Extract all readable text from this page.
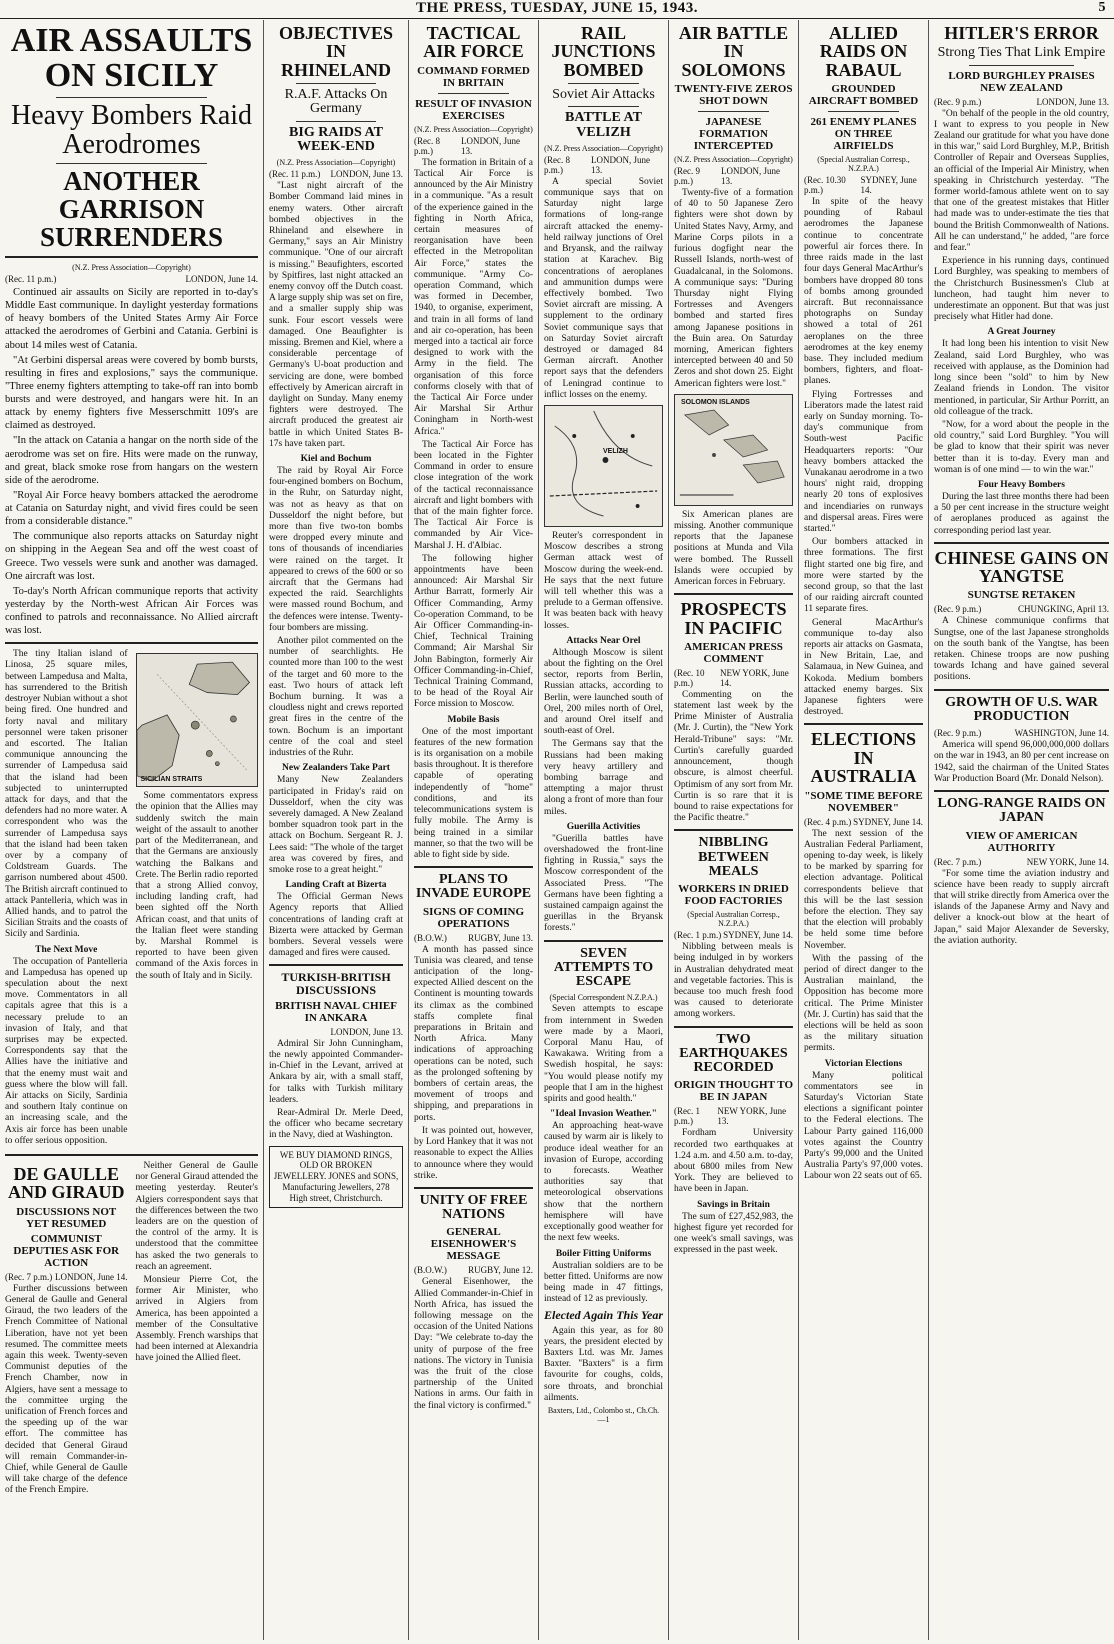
THE PRESS, TUESDAY, JUNE 15, 1943.	5
AIR ASSAULTS ON SICILY
Heavy Bombers Raid Aerodromes
ANOTHER GARRISON SURRENDERS
(N.Z. Press Association—Copyright)
(Rec. 11 p.m.)	LONDON, June 14.

Continued air assaults on Sicily are reported in to-day's Middle East communique. In daylight yesterday formations of heavy bombers of the United States Army Air Force attacked the aerodromes of Gerbini and Catania. Gerbini is about 14 miles west of Catania.

"At Gerbini dispersal areas were covered by bomb bursts, resulting in fires and explosions," says the communique. "Three enemy fighters attempting to take-off ran into bomb bursts and were destroyed, and hangars were hit. In an attack by enemy fighters five Messerschmitt 109's are claimed as destroyed.

"In the attack on Catania a hangar on the north side of the aerodrome was set on fire. Hits were made on the runway, and great, black smoke rose from hangars on the western side of the aerodrome.

"Royal Air Force heavy bombers attacked the aerodrome at Catania on Saturday night, and vivid fires could be seen from a considerable distance."

The communique also reports attacks on Saturday night on shipping in the Aegean Sea and off the west coast of Greece. Two vessels were sunk and another was damaged. One aircraft was lost.

To-day's North African communique reports that activity yesterday by the North-west African Air Forces was confined to patrols and reconnaissance. No Allied aircraft was lost.

The tiny Italian island of Linosa, 25 square miles, between Lampedusa and Malta, has surrendered to the British destroyer Nubian without a shot being fired. One hundred and forty naval and military personnel were taken prisoner and escorted. The Italian communique announcing the surrender of Lampedusa said that the island had been subjected to uninterrupted attack for days, and that the defenders had no more water. A correspondent who was the surrender of Lampedusa says that the island had been taken over by a company of Coldstream Guards. The garrison numbered about 4500. The British aircraft continued to attack Pantelleria, which was in Allied hands, and to patrol the Sicilian Straits and the coasts of Sicily and Sardinia.

The Next Move

The occupation of Pantelleria and Lampedusa has opened up speculation about the next move. Commentators in all capitals agree that this is a necessary prelude to an invasion of Italy, and that surprises may be expected. Correspondents say that the Allies have the initiative and that the enemy must wait and guess where the blow will fall. Air attacks on Sicily, Sardinia and southern Italy continue on an increasing scale, and the Axis air force has been unable to offer serious opposition.

SICILIAN STRAITS

Some commentators express the opinion that the Allies may suddenly switch the main weight of the assault to another part of the Mediterranean, and that the Germans are anxiously watching the Balkans and Crete. The Berlin radio reported that a strong Allied convoy, including landing craft, had been sighted off the North African coast, and that units of the Italian fleet were standing by. Marshal Rommel is reported to have been given command of the Axis forces in the south of Italy and in Sicily.

DE GAULLE AND GIRAUD
DISCUSSIONS NOT YET RESUMED
COMMUNIST DEPUTIES ASK FOR ACTION
(Rec. 7 p.m.) LONDON, June 14.

Further discussions between General de Gaulle and General Giraud, the two leaders of the French Committee of National Liberation, have not yet been resumed. The committee meets again this week. Twenty-seven Communist deputies of the French Chamber, now in Algiers, have sent a message to the committee urging the unification of French forces and the speeding up of the war effort. The committee has decided that General Giraud will remain Commander-in-Chief, while General de Gaulle will take charge of the defence of the French Empire.

Neither General de Gaulle nor General Giraud attended the meeting yesterday. Reuter's Algiers correspondent says that the differences between the two leaders are on the question of the control of the army. It is understood that the committee has asked the two generals to reach an agreement.

Monsieur Pierre Cot, the former Air Minister, who arrived in Algiers from America, has been appointed a member of the Consultative Assembly. French warships that had been interned at Alexandria have joined the Allied fleet.

OBJECTIVES IN RHINELAND
R.A.F. Attacks On Germany
BIG RAIDS AT WEEK-END
(N.Z. Press Association—Copyright)
(Rec. 11 p.m.) LONDON, June 13.

"Last night aircraft of the Bomber Command laid mines in enemy waters. Other aircraft bombed objectives in the Rhineland and elsewhere in Germany," says an Air Ministry communique. "One of our aircraft is missing." Beaufighters, escorted by Spitfires, last night attacked an enemy convoy off the Dutch coast. A large supply ship was set on fire, and a smaller supply ship was sunk. Four escort vessels were damaged. One Beaufighter is missing. Bremen and Kiel, where a considerable percentage of Germany's U-boat production and servicing are done, were bombed effectively by American aircraft in daylight on Sunday. Many enemy fighters were destroyed. The aircraft produced the greatest air battle in which United States B-17s have taken part.

Kiel and Bochum

The raid by Royal Air Force four-engined bombers on Bochum, in the Ruhr, on Saturday night, was not as heavy as that on Dusseldorf the night before, but more than five two-ton bombs were dropped every minute and tons of thousands of incendiaries were rained on the target. It appeared to crews of the 600 or so aircraft that the Germans had expected the raid. Searchlights were massed round Bochum, and the defences were intense. Twenty-four bombers are missing.

Another pilot commented on the number of searchlights. He counted more than 100 to the west of the target and 60 more to the east. Two hours of attack left Bochum burning. It was a cloudless night and crews reported great fires in the centre of the town. Bochum is an important centre of the coal and steel industries of the Ruhr.

New Zealanders Take Part

Many New Zealanders participated in Friday's raid on Dusseldorf, when the city was severely damaged. A New Zealand bomber squadron took part in the attack on Bochum. Sergeant R. J. Lees said: "The whole of the target area was covered by fires, and smoke rose to a great height."

Landing Craft at Bizerta

The Official German News Agency reports that Allied concentrations of landing craft at Bizerta were attacked by German bombers. Several vessels were damaged and fires were caused.

TURKISH-BRITISH DISCUSSIONS
BRITISH NAVAL CHIEF IN ANKARA
LONDON, June 13.

Admiral Sir John Cunningham, the newly appointed Commander-in-Chief in the Levant, arrived at Ankara by air, with a small staff, for talks with Turkish military leaders.

Rear-Admiral Dr. Merle Deed, the officer who became secretary in the Navy, died at Washington.

WE BUY DIAMOND RINGS, OLD OR BROKEN JEWELLERY. JONES and SONS, Manufacturing Jewellers, 278 High street, Christchurch.
TACTICAL AIR FORCE
COMMAND FORMED IN BRITAIN
RESULT OF INVASION EXERCISES
(N.Z. Press Association—Copyright)
(Rec. 8 p.m.)
LONDON, June 13.

The formation in Britain of a Tactical Air Force is announced by the Air Ministry in a communique. "As a result of the experience gained in the fighting in North Africa, certain measures of reorganisation have been effected in the Metropolitan Air Force," states the communique. "Army Co-operation Command, which was formed in December, 1940, to organise, experiment, and train in all forms of land and air co-operation, has been merged into a tactical air force designed to work with the Army in the field. The organisation of this force conforms closely with that of the Tactical Air Force under Air Marshal Sir Arthur Coningham in North-west Africa."

The Tactical Air Force has been located in the Fighter Command in order to ensure close integration of the work of the tactical reconnaissance aircraft and light bombers with that of the main fighter force. The Tactical Air Force is commanded by Air Vice-Marshal J. H. d'Albiac.

The following higher appointments have been announced: Air Marshal Sir Arthur Barratt, formerly Air Officer Commanding, Army Co-operation Command, to be Air Officer Commanding-in-Chief, Technical Training Command; Air Marshal Sir John Babington, formerly Air Officer Commanding-in-Chief, Technical Training Command, to be head of the Royal Air Force mission to Moscow.

Mobile Basis

One of the most important features of the new formation is its organisation on a mobile basis throughout. It is therefore capable of operating independently of "home" conditions, and its telecommunications system is fully mobile. The Army is being trained in a similar manner, so that the two will be able to fight side by side.

PLANS TO INVADE EUROPE
SIGNS OF COMING OPERATIONS
(B.O.W.) RUGBY, June 13.

A month has passed since Tunisia was cleared, and tense anticipation of the long-expected Allied descent on the Continent is mounting towards its climax as the combined staffs complete final preparations in Britain and North Africa. Many indications of approaching operations can be noted, such as the prolonged softening by bombers of certain areas, the movement of troops and shipping, and preparations in ports.

It was pointed out, however, by Lord Hankey that it was not reasonable to expect the Allies to announce where they would strike.

UNITY OF FREE NATIONS
GENERAL EISENHOWER'S MESSAGE
(B.O.W.) RUGBY, June 12.

General Eisenhower, the Allied Commander-in-Chief in North Africa, has issued the following message on the occasion of the United Nations Day: "We celebrate to-day the unity of purpose of the free nations. The victory in Tunisia was the fruit of the close partnership of the United Nations in arms. Our faith in the final victory is confirmed."

RAIL JUNCTIONS BOMBED
Soviet Air Attacks
BATTLE AT VELIZH
(N.Z. Press Association—Copyright)
(Rec. 8 p.m.)
LONDON, June 13.

A special Soviet communique says that on Saturday night large formations of long-range aircraft attacked the enemy-held railway junctions of Orel and Bryansk, and the railway station at Karachev. Big concentrations of aeroplanes and ammunition dumps were effectively bombed. Two Soviet aircraft are missing. A supplement to the ordinary Soviet communique says that on Saturday Soviet aircraft destroyed or damaged 84 German aircraft. Another report says that the defenders of Leningrad continue to inflict losses on the enemy.

VELIZH

Reuter's correspondent in Moscow describes a strong German attack west of Moscow during the week-end. He says that the next future will tell whether this was a prelude to a German offensive. It was beaten back with heavy losses.

Attacks Near Orel

Although Moscow is silent about the fighting on the Orel sector, reports from Berlin, Russian attacks, according to Berlin, were launched south of Orel, 200 miles north of Orel, and around Orel itself and south-east of Orel.

The Germans say that the Russians had been making very heavy artillery and bombing barrage and attempting a major thrust along a front of more than four miles.

Guerilla Activities

"Guerilla battles have overshadowed the front-line fighting in Russia," says the Moscow correspondent of the Associated Press. "The Germans have been fighting a sustained campaign against the guerillas in the Bryansk forests."

SEVEN ATTEMPTS TO ESCAPE
(Special Correspondent N.Z.P.A.)

Seven attempts to escape from internment in Sweden were made by a Maori, Corporal Manu Hau, of Kawakawa. Writing from a Swedish hospital, he says: "You would please notify my people that I am in the highest spirits and good health."

"Ideal Invasion Weather."

An approaching heat-wave caused by warm air is likely to produce ideal weather for an invasion of Europe, according to forecasts. Weather authorities say that meteorological observations show that the northern hemisphere will have exceptionally good weather for the next few weeks.

Boiler Fitting Uniforms

Australian soldiers are to be better fitted. Uniforms are now being made in 47 fittings, instead of 12 as previously.

Elected Again This Year

Again this year, as for 80 years, the president elected by Baxters Ltd. was Mr. James Baxter. "Baxters" is a firm favourite for coughs, colds, sore throats, and bronchial ailments.

Baxters, Ltd., Colombo st., Ch.Ch.—1
AIR BATTLE IN SOLOMONS
TWENTY-FIVE ZEROS SHOT DOWN
JAPANESE FORMATION INTERCEPTED
(N.Z. Press Association—Copyright)
(Rec. 9 p.m.)
LONDON, June 13.

Twenty-five of a formation of 40 to 50 Japanese Zero fighters were shot down by United States Navy, Army, and Marine Corps pilots in a furious dogfight near the Russell Islands, north-west of Guadalcanal, in the Solomons. A communique says: "During Thursday night Flying Fortresses and Avengers bombed and started fires among Japanese positions in the Buin area. On Saturday morning, American fighters intercepted between 40 and 50 Zeros and shot down 25. Eight American fighters were lost."

SOLOMON ISLANDS

Six American planes are missing. Another communique reports that the Japanese positions at Munda and Vila were bombed. The Russell Islands were occupied by American forces in February.

PROSPECTS IN PACIFIC
AMERICAN PRESS COMMENT
(Rec. 10 p.m.)
NEW YORK, June 14.

Commenting on the statement last week by the Prime Minister of Australia (Mr. J. Curtin), the "New York Herald-Tribune" says: "Mr. Curtin's carefully guarded announcement, though obscure, is almost cheerful. Optimism of any sort from Mr. Curtin is so rare that it is bound to raise expectations for the Pacific theatre."

NIBBLING BETWEEN MEALS
WORKERS IN DRIED FOOD FACTORIES
(Special Australian Corresp., N.Z.P.A.)
(Rec. 1 p.m.) SYDNEY, June 14.

Nibbling between meals is being indulged in by workers in Australian dehydrated meat and vegetable factories. This is because too much fresh food was caused to deteriorate among workers.

TWO EARTHQUAKES RECORDED
ORIGIN THOUGHT TO BE IN JAPAN
(Rec. 1 p.m.)
NEW YORK, June 13.

Fordham University recorded two earthquakes at 1.24 a.m. and 4.50 a.m. to-day, about 6800 miles from New York. They are believed to have been in Japan.

Savings in Britain

The sum of £27,452,983, the highest figure yet recorded for one week's small savings, was expressed in the past week.

ALLIED RAIDS ON RABAUL
GROUNDED AIRCRAFT BOMBED
261 ENEMY PLANES ON THREE AIRFIELDS
(Special Australian Corresp., N.Z.P.A.)
(Rec. 10.30 p.m.)
SYDNEY, June 14.

In spite of the heavy pounding of Rabaul aerodromes the Japanese continue to concentrate powerful air forces there. In three raids made in the last four days General MacArthur's bombers have dropped 80 tons of bombs among grounded aircraft. But reconnaissance photographs on Sunday showed a total of 261 aeroplanes on the three aerodromes at the key enemy base. They included medium bombers, fighters, and float-planes.

Flying Fortresses and Liberators made the latest raid early on Sunday morning. To-day's communique from South-west Pacific Headquarters reports: "Our heavy bombers attacked the Vunakanau aerodrome in a two hours' night raid, dropping nearly 20 tons of explosives and incendiaries on runways and dispersal areas. Fires were started."

Our bombers attacked in three formations. The first flight started one big fire, and more were started by the second group, so that the last of our raiding aircraft counted 11 separate fires.

General MacArthur's communique to-day also reports air attacks on Gasmata, in New Britain, Lae, and Salamaua, in New Guinea, and Kokoda. Medium bombers attacked enemy barges. Six Japanese fighters were destroyed.

ELECTIONS IN AUSTRALIA
"SOME TIME BEFORE NOVEMBER"
(Rec. 4 p.m.) SYDNEY, June 14.

The next session of the Australian Federal Parliament, opening to-day week, is likely to be marked by sparring for election advantage. Political correspondents believe that this will be the last session before the election. They say that the election will probably be held some time before November.

With the passing of the period of direct danger to the Australian mainland, the Opposition has become more critical. The Prime Minister (Mr. J. Curtin) has said that the elections will be held as soon as the military situation permits.

Victorian Elections

Many political commentators see in Saturday's Victorian State elections a significant pointer to the Federal elections. The Labour Party gained 116,000 votes against the Country Party's 99,000 and the United Australia Party's 97,000 votes. Labour won 22 seats out of 65.

HITLER'S ERROR
Strong Ties That Link Empire
LORD BURGHLEY PRAISES NEW ZEALAND
(Rec. 9 p.m.)	LONDON, June 13.

"On behalf of the people in the old country, I want to express to you people in New Zealand our gratitude for what you have done in this war," said Lord Burghley, M.P., British Controller of Repair and Overseas Supplies, an official of the Imperial Air Ministry, when speaking in Christchurch yesterday. "The former world-famous athlete went on to say that one of the greatest mistakes that Hitler had made was to under-estimate the ties that bound the British Commonwealth of Nations. All he can understand," he added, "are force and fear."

Experience in his running days, continued Lord Burghley, was speaking to members of the Christchurch Businessmen's Club at luncheon, had taught him never to underestimate an opponent. But that was just precisely what Hitler had done.

A Great Journey

It had long been his intention to visit New Zealand, said Lord Burghley, who was received with applause, as the Dominion had long since been "sold" to him by New Zealand friends in London. The visitor mentioned, in particular, Sir Arthur Porritt, an old colleague of the track.

"Now, for a word about the people in the old country," said Lord Burghley. "You will be glad to know that their spirit was never better than it is to-day. Every man and woman is of one mind — to win the war."

Four Heavy Bombers

During the last three months there had been a 50 per cent increase in the structure weight of aeroplanes produced as against the corresponding period last year.

CHINESE GAINS ON YANGTSE
SUNGTSE RETAKEN
(Rec. 9 p.m.)	CHUNGKING, April 13.

A Chinese communique confirms that Sungtse, one of the last Japanese strongholds on the south bank of the Yangtse, has been retaken. Chinese troops are now pushing towards Ichang and have gained several positions.

GROWTH OF U.S. WAR PRODUCTION
(Rec. 9 p.m.)	WASHINGTON, June 14.

America will spend 96,000,000,000 dollars on the war in 1943, an 80 per cent increase on 1942, said the chairman of the United States War Production Board (Mr. Donald Nelson).

LONG-RANGE RAIDS ON JAPAN
VIEW OF AMERICAN AUTHORITY
(Rec. 7 p.m.)	NEW YORK, June 14.

"For some time the aviation industry and science have been ready to supply aircraft that will strike directly from America over the islands of the Japanese Army and Navy and deliver a knock-out blow at the heart of Japan," said Major Alexander de Seversky, the aviation authority.
